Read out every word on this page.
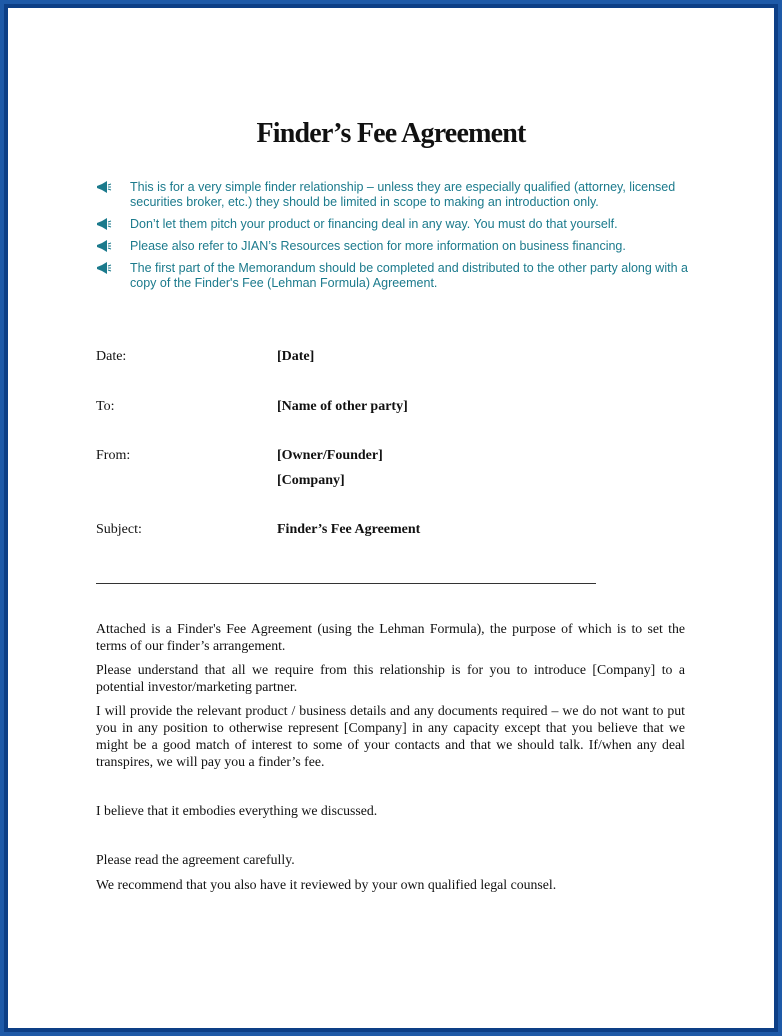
Finder’s Fee Agreement
This is for a very simple finder relationship – unless they are especially qualified (attorney, licensed securities broker, etc.) they should be limited in scope to making an introduction only.
Don’t let them pitch your product or financing deal in any way. You must do that yourself.
Please also refer to JIAN’s Resources section for more information on business financing.
The first part of the Memorandum should be completed and distributed to the other party along with a copy of the Finder's Fee (Lehman Formula) Agreement.
Date:	[Date]
To:	[Name of other party]
From:	[Owner/Founder]
[Company]
Subject:	Finder’s Fee Agreement
Attached is a Finder's Fee Agreement (using the Lehman Formula), the purpose of which is to set the terms of our finder’s arrangement.
Please understand that all we require from this relationship is for you to introduce [Company] to a potential investor/marketing partner.
I will provide the relevant product / business details and any documents required – we do not want to put you in any position to otherwise represent [Company] in any capacity except that you believe that we might be a good match of interest to some of your contacts and that we should talk. If/when any deal transpires, we will pay you a finder’s fee.
I believe that it embodies everything we discussed.
Please read the agreement carefully.
We recommend that you also have it reviewed by your own qualified legal counsel.
